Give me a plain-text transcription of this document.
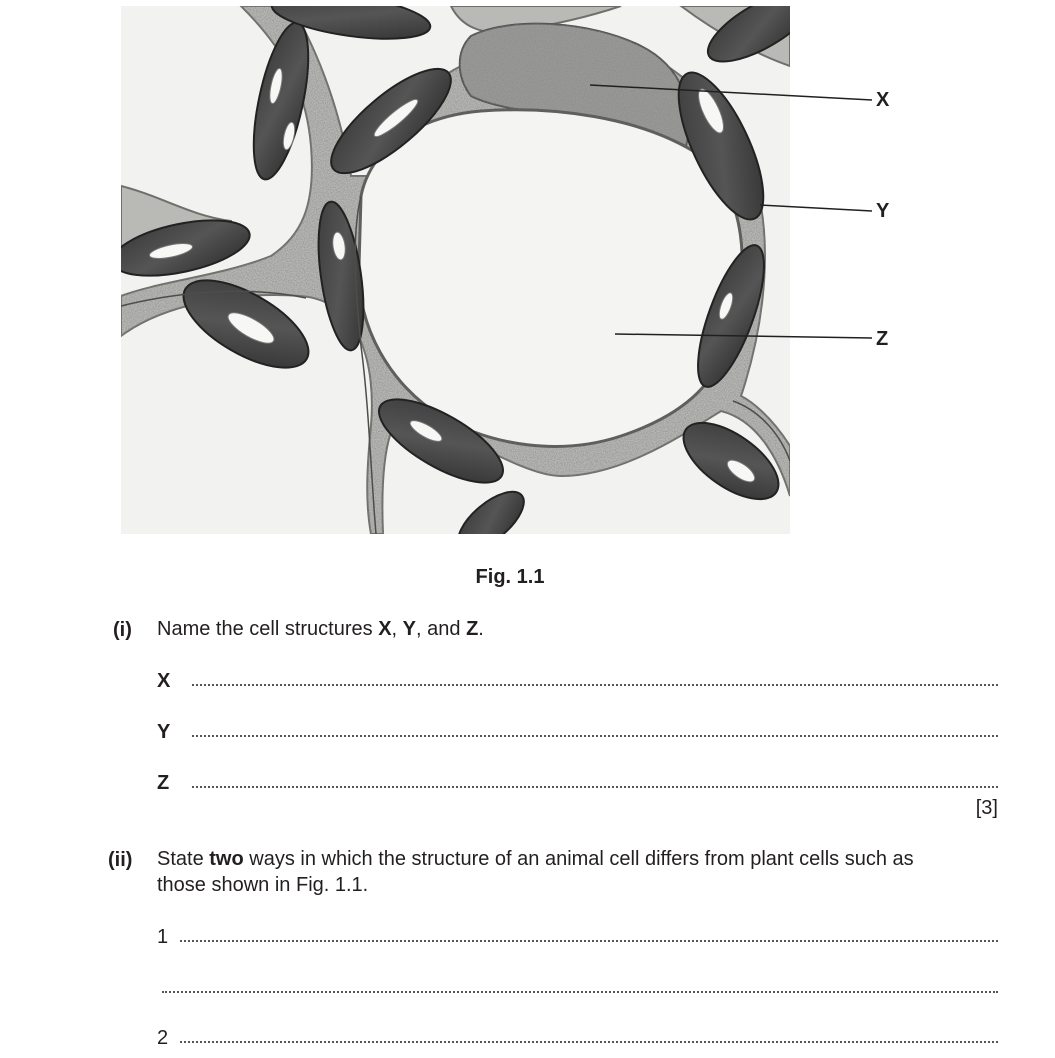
X
Y
Z
Fig. 1.1
(i) Name the cell structures X, Y, and Z.
X
Y
Z
[3]
(ii) State two ways in which the structure of an animal cell differs from plant cells such as
those shown in Fig. 1.1.
1
2
